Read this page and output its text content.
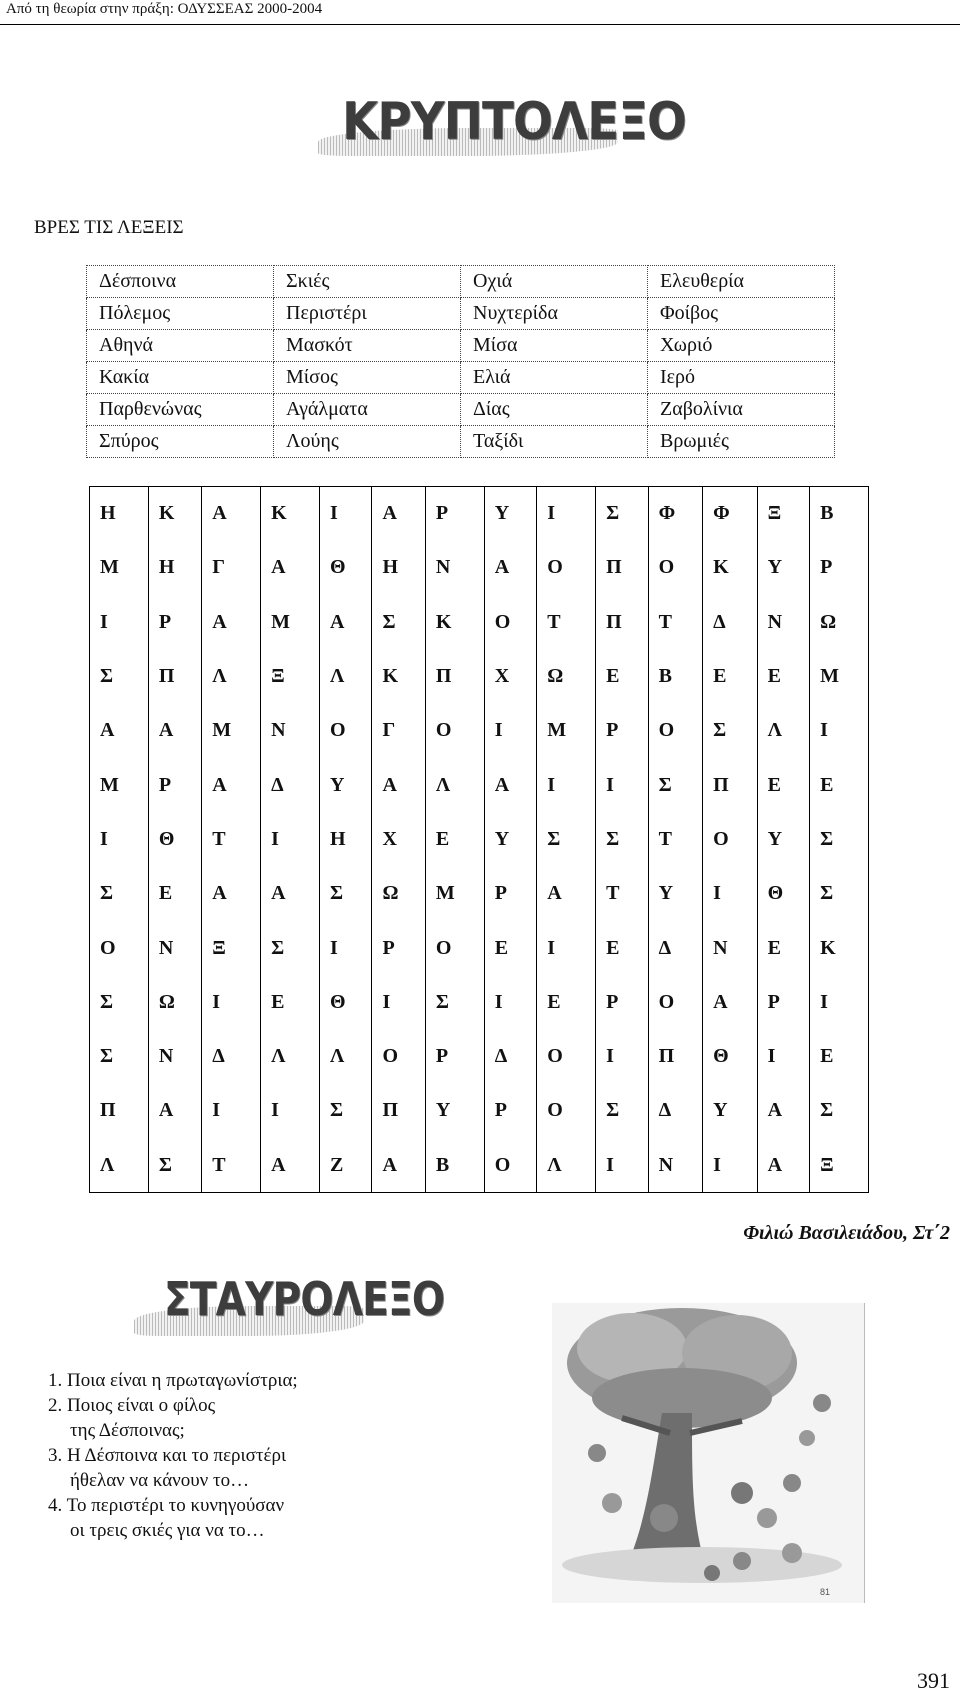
Από τη θεωρία στην πράξη: ΟΔΥΣΣΕΑΣ 2000-2004
ΚΡΥΠΤΟΛΕΞΟ
ΒΡΕΣ ΤΙΣ ΛΕΞΕΙΣ
Δέσποινα	Σκιές	Οχιά	Ελευθερία
Πόλεμος	Περιστέρι	Νυχτερίδα	Φοίβος
Αθηνά	Μασκότ	Μίσα	Χωριό
Κακία	Μίσος	Ελιά	Ιερό
Παρθενώνας	Αγάλματα	Δίας	Ζαβολίνια
Σπύρος	Λούης	Ταξίδι	Βρωμιές
Η	Κ	Α	Κ	Ι	Α	Ρ	Υ	Ι	Σ	Φ	Φ	Ξ	Β
Μ	Η	Γ	Α	Θ	Η	Ν	Α	Ο	Π	Ο	Κ	Υ	Ρ
Ι	Ρ	Α	Μ	Α	Σ	Κ	Ο	Τ	Π	Τ	Δ	Ν	Ω
Σ	Π	Λ	Ξ	Λ	Κ	Π	Χ	Ω	Ε	Β	Ε	Ε	Μ
Α	Α	Μ	Ν	Ο	Γ	Ο	Ι	Μ	Ρ	Ο	Σ	Λ	Ι
Μ	Ρ	Α	Δ	Υ	Α	Λ	Α	Ι	Ι	Σ	Π	Ε	Ε
Ι	Θ	Τ	Ι	Η	Χ	Ε	Υ	Σ	Σ	Τ	Ο	Υ	Σ
Σ	Ε	Α	Α	Σ	Ω	Μ	Ρ	Α	Τ	Υ	Ι	Θ	Σ
Ο	Ν	Ξ	Σ	Ι	Ρ	Ο	Ε	Ι	Ε	Δ	Ν	Ε	Κ
Σ	Ω	Ι	Ε	Θ	Ι	Σ	Ι	Ε	Ρ	Ο	Α	Ρ	Ι
Σ	Ν	Δ	Λ	Λ	Ο	Ρ	Δ	Ο	Ι	Π	Θ	Ι	Ε
Π	Α	Ι	Ι	Σ	Π	Υ	Ρ	Ο	Σ	Δ	Υ	Α	Σ
Λ	Σ	Τ	Α	Ζ	Α	Β	Ο	Λ	Ι	Ν	Ι	Α	Ξ
Φιλιώ Βασιλειάδου, Στ΄2
ΣΤΑΥΡΟΛΕΞΟ
1. Ποια είναι η πρωταγωνίστρια;
2. Ποιος είναι ο φίλος
της Δέσποινας;
3. Η Δέσποινα και το περιστέρι
ήθελαν να κάνουν το…
4. Το περιστέρι το κυνηγούσαν
οι τρεις σκιές για να το…
81
391
